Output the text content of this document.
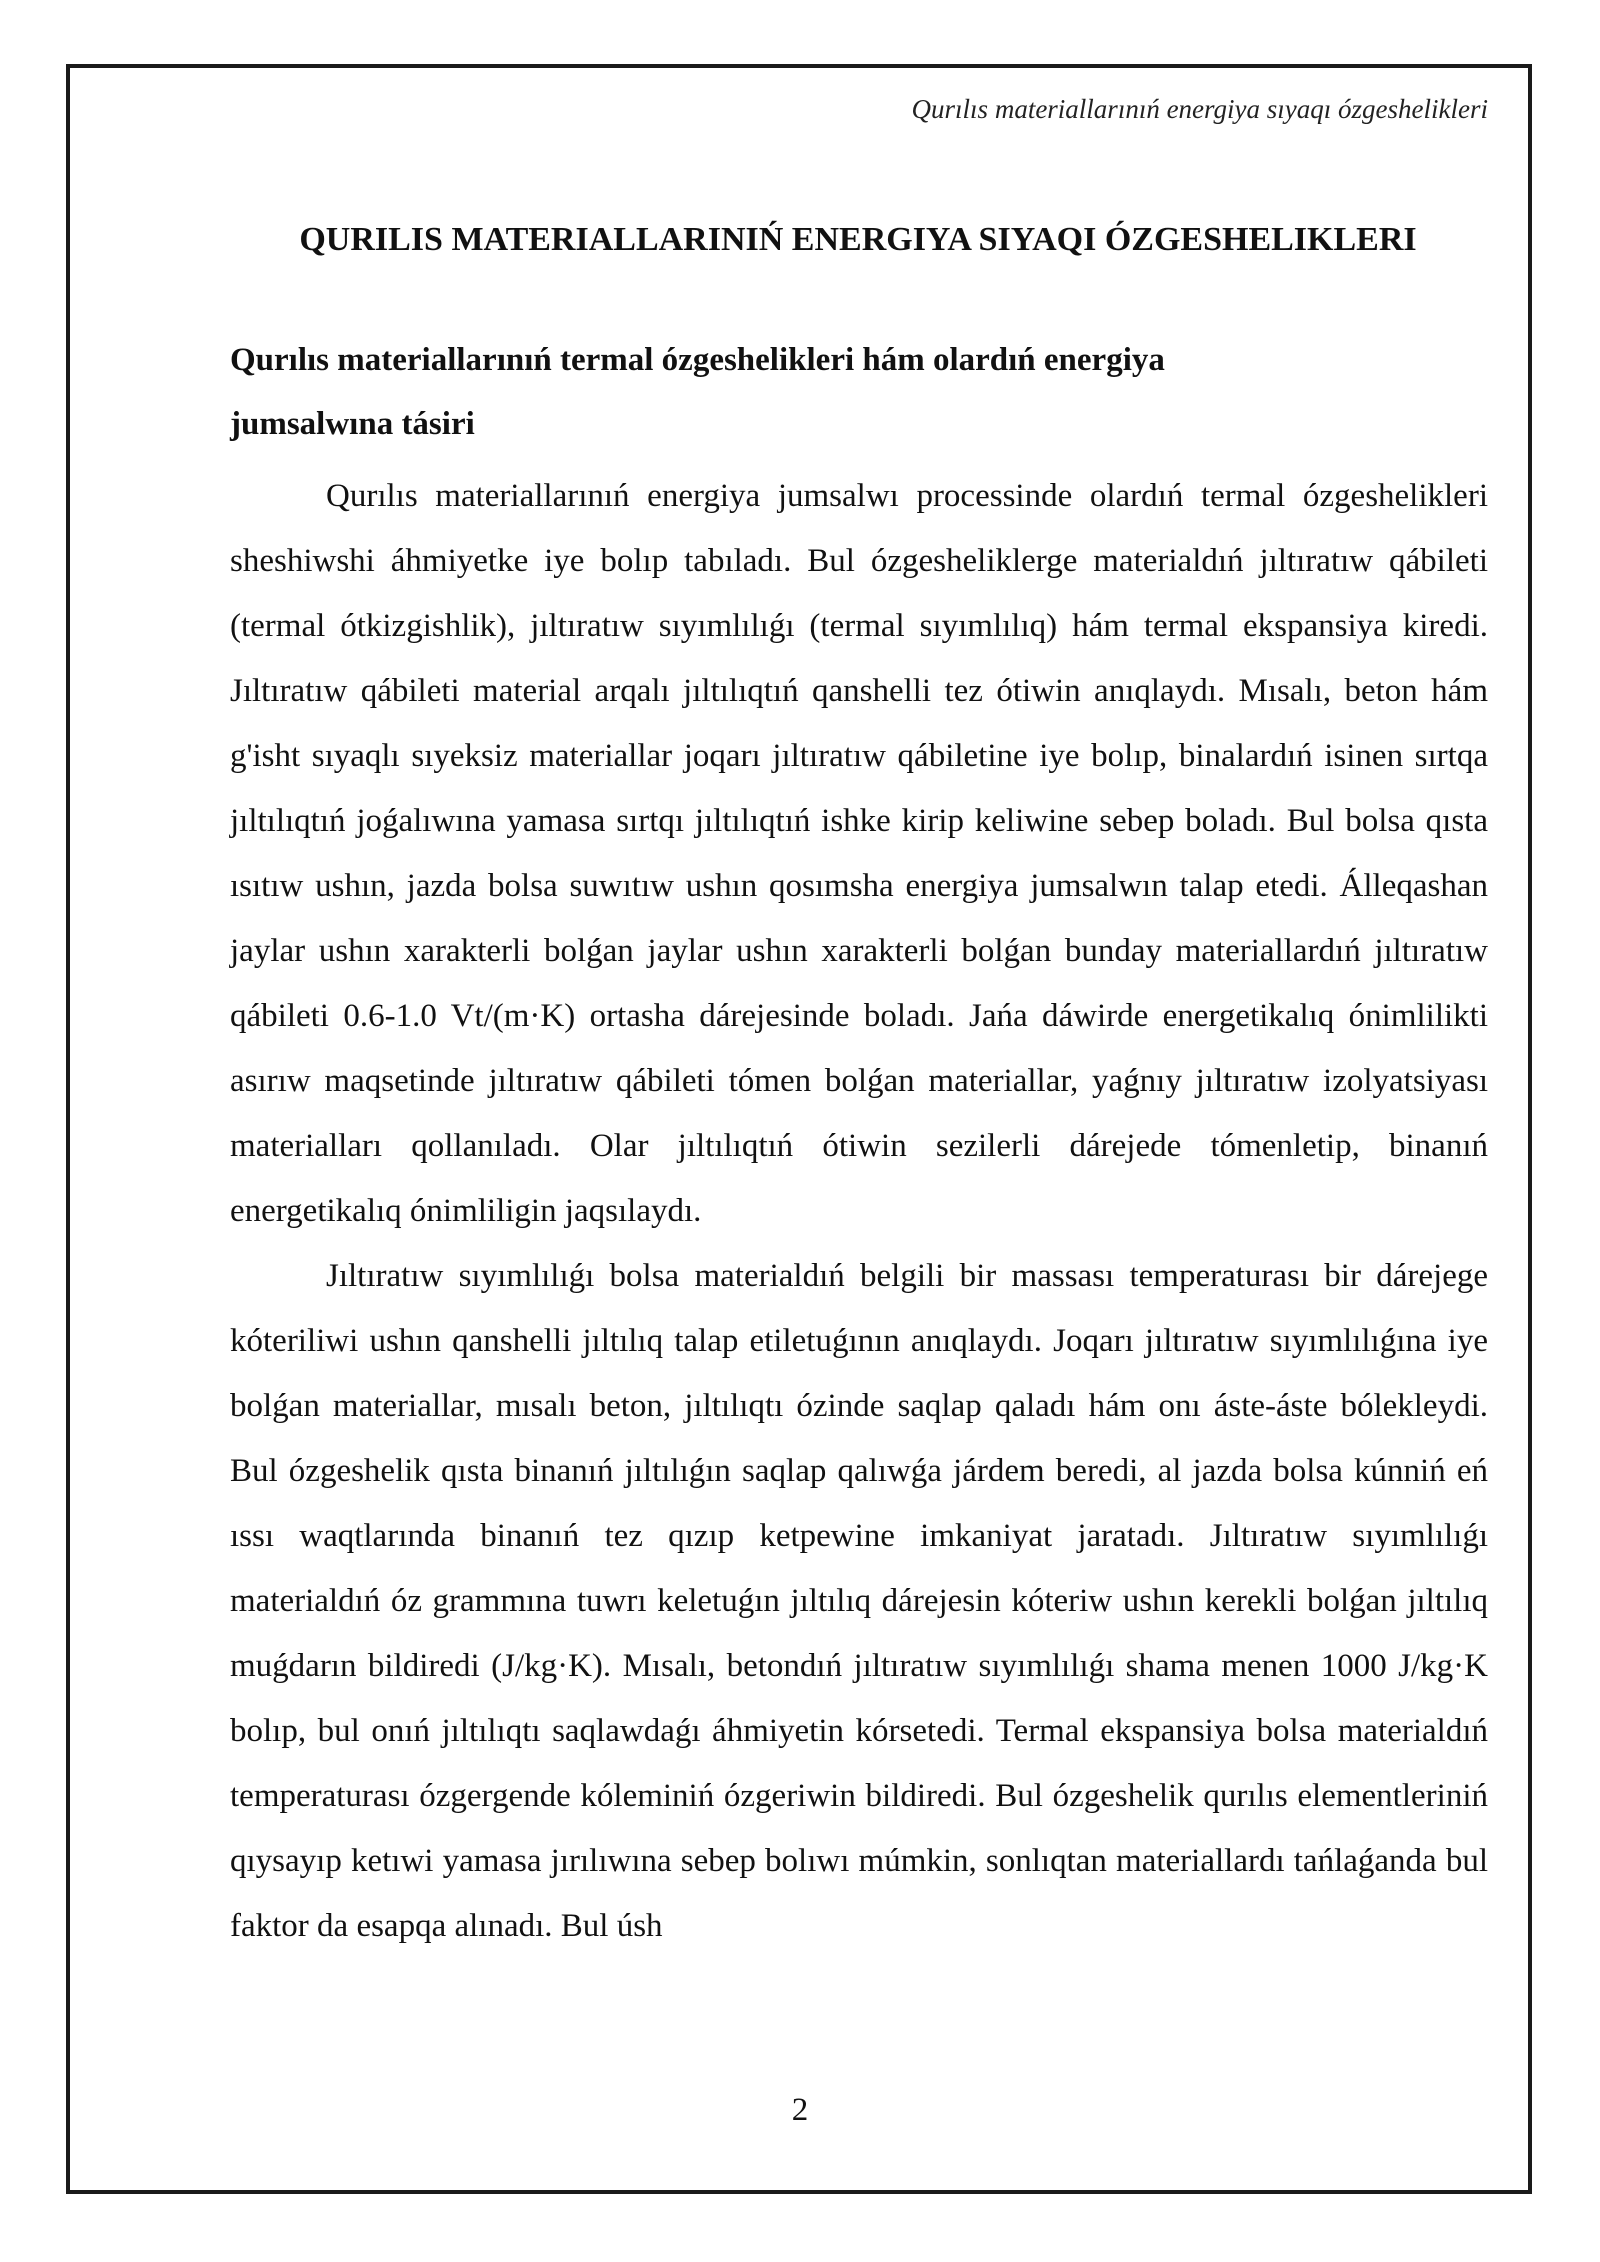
Qurılıs materiallarınıń energiya sıyaqı ózgeshelikleri
QURILIS MATERIALLARINIŃ ENERGIYA SIYAQI ÓZGESHELIKLERI
Qurılıs materiallarınıń termal ózgeshelikleri hám olardıń energiya jumsalwına tásiri

Qurılıs materiallarınıń energiya jumsalwı processinde olardıń termal ózgeshelikleri sheshiwshi áhmiyetke iye bolıp tabıladı. Bul ózgesheliklerge materialdıń jıltıratıw qábileti (termal ótkizgishlik), jıltıratıw sıyımlılıǵı (termal sıyımlılıq) hám termal ekspansiya kiredi. Jıltıratıw qábileti material arqalı jıltılıqtıń qanshelli tez ótiwin anıqlaydı. Mısalı, beton hám g'isht sıyaqlı sıyeksiz materiallar joqarı jıltıratıw qábiletine iye bolıp, binalardıń isinen sırtqa jıltılıqtıń joǵalıwına yamasa sırtqı jıltılıqtıń ishke kirip keliwine sebep boladı. Bul bolsa qısta ısıtıw ushın, jazda bolsa suwıtıw ushın qosımsha energiya jumsalwın talap etedi. Álleqashan jaylar ushın xarakterli bolǵan jaylar ushın xarakterli bolǵan bunday materiallardıń jıltıratıw qábileti 0.6-1.0 Vt/(m·K) ortasha dárejesinde boladı. Jańa dáwirde energetikalıq ónimlilikti asırıw maqsetinde jıltıratıw qábileti tómen bolǵan materiallar, yaǵnıy jıltıratıw izolyatsiyası materialları qollanıladı. Olar jıltılıqtıń ótiwin sezilerli dárejede tómenletip, binanıń energetikalıq ónimliligin jaqsılaydı.

Jıltıratıw sıyımlılıǵı bolsa materialdıń belgili bir massası temperaturası bir dárejege kóteriliwi ushın qanshelli jıltılıq talap etiletuǵının anıqlaydı. Joqarı jıltıratıw sıyımlılıǵına iye bolǵan materiallar, mısalı beton, jıltılıqtı ózinde saqlap qaladı hám onı áste-áste bólekleydi. Bul ózgeshelik qısta binanıń jıltılıǵın saqlap qalıwǵa járdem beredi, al jazda bolsa kúnniń eń ıssı waqtlarında binanıń tez qızıp ketpewine imkaniyat jaratadı. Jıltıratıw sıyımlılıǵı materialdıń óz grammına tuwrı keletuǵın jıltılıq dárejesin kóteriw ushın kerekli bolǵan jıltılıq muǵdarın bildiredi (J/kg·K). Mısalı, betondıń jıltıratıw sıyımlılıǵı shama menen 1000 J/kg·K bolıp, bul onıń jıltılıqtı saqlawdaǵı áhmiyetin kórsetedi. Termal ekspansiya bolsa materialdıń temperaturası ózgergende kóleminiń ózgeriwin bildiredi. Bul ózgeshelik qurılıs elementleriniń qıysayıp ketıwi yamasa jırılıwına sebep bolıwı múmkin, sonlıqtan materiallardı tańlaǵanda bul faktor da esapqa alınadı. Bul úsh

2
